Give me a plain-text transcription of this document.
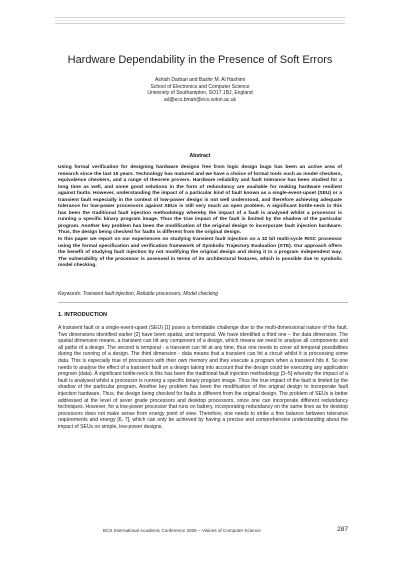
Hardware Dependability in the Presence of Soft Errors
Ashish Darbari and Bashir M. Al Hashimi
School of Electronics and Computer Science
University of Southampton, SO17 1BJ, England
ad@ecs.bmah@ecs.soton.ac.uk
Abstract

Using formal verification for designing hardware designs free from logic design bugs has been an active area of research since the last 15 years. Technology has matured and we have a choice of formal tools such as model checkers, equivalence checkers, and a range of theorem provers. Hardware reliability and fault tolerance has been studied for a long time as well, and some good solutions in the form of redundancy are available for making hardware resilient against faults. However, understanding the impact of a particular kind of fault known as a single-event-upset (SEU) or a transient fault especially in the context of low-power design is not well understood, and therefore achieving adequate tolerance for low-power processors against SEUs is still very much an open problem. A significant bottle-neck in this has been the traditional fault injection methodology whereby the impact of a fault is analysed whilst a processor is running a specific binary program image. Thus the true impact of the fault is limited by the shadow of the particular program. Another key problem has been the modification of the original design to incorporate fault injection hardware. Thus, the design being checked for faults is different from the original design.

In this paper we report on our experiences on studying transient fault injection on a 32 bit multi-cycle RISC processor using the formal specification and verification framework of Symbolic Trajectory Evaluation (STE). Our approach offers the benefit of studying fault injection by not modifying the original design and doing it in a program independent way. The vulnerability of the processor is assessed in terms of its architectural features, which is possible due to symbolic model checking.

Keywords: Transient fault injection, Reliable processors, Model checking
1. INTRODUCTION

A transient fault or a single-event-upset (SEU) [1] poses a formidable challenge due to the multi-dimensional nature of the fault. Two dimensions identified earlier [2] have been spatial, and temporal. We have identified a third one – the data dimension. The spatial dimension means, a transient can hit any component of a design, which means we need to analyse all components and all paths of a design. The second is temporal - a transient can hit at any time, thus one needs to cover all temporal possibilities during the running of a design. The third dimension - data means that a transient can hit a circuit whilst it is processing some data. This is especially true of processors with their own memory and they execute a program when a transient hits it. So one needs to analyse the effect of a transient fault on a design taking into account that the design could be executing any application program (data). A significant bottle-neck in this has been the traditional fault injection methodology [3–5] whereby the impact of a fault is analysed whilst a processor is running a specific binary program image. Thus the true impact of the fault is limited by the shadow of the particular program. Another key problem has been the modification of the original design to incorporate fault injection hardware. Thus, the design being checked for faults is different from the original design. The problem of SEUs is better addressed at the level of sever grade processors and desktop processors, since one can incorporate different redundancy techniques. However, for a low-power processor that runs on battery, incorporating redundancy on the same lines as for desktop processors does not make sense from energy point of view. Therefore, one needs to strike a fine balance between tolerance requirements and energy [6, 7], which can only be achieved by having a precise and comprehensive understanding about the impact of SEUs on simple, low-power designs.

BCS International Academic Conference 2008 – Visions of Computer Science	287
